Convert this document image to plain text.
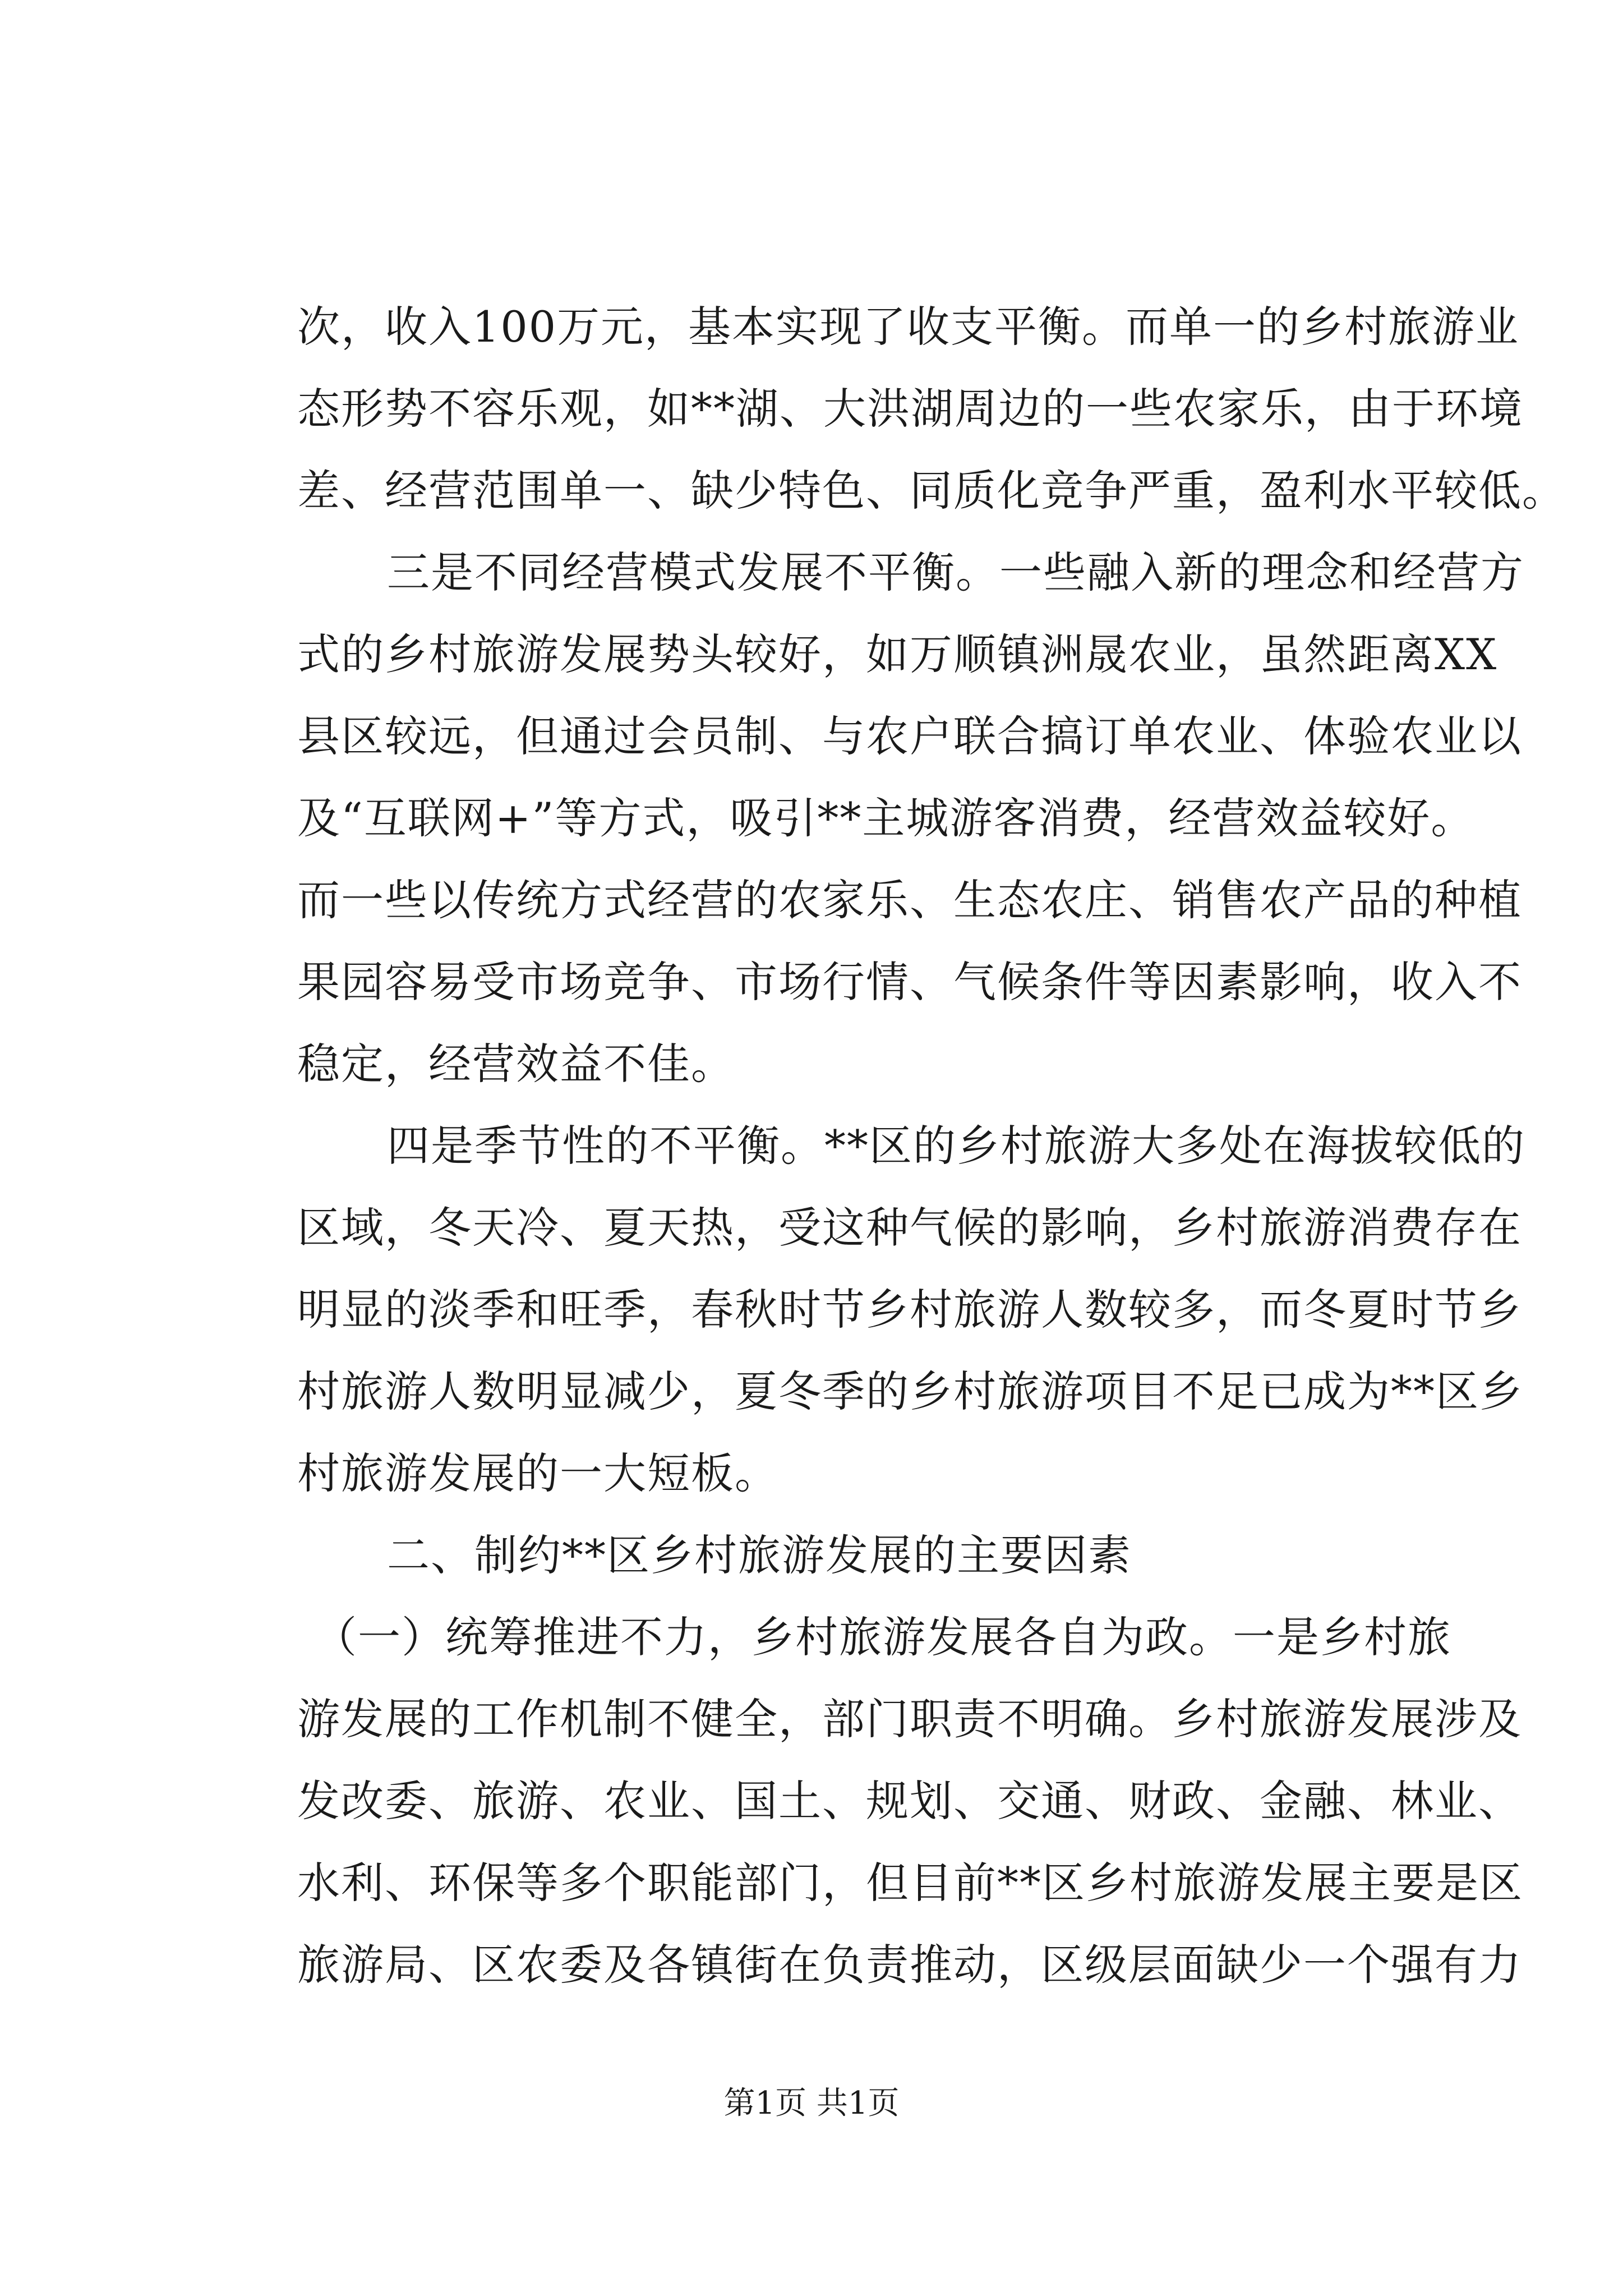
次，收入100万元，基本实现了收支平衡。而单一的乡村旅游业
态形势不容乐观，如**湖、大洪湖周边的一些农家乐，由于环境
差、经营范围单一、缺少特色、同质化竞争严重，盈利水平较低。
三是不同经营模式发展不平衡。一些融入新的理念和经营方
式的乡村旅游发展势头较好，如万顺镇洲晟农业，虽然距离XX
县区较远，但通过会员制、与农户联合搞订单农业、体验农业以
及“互联网+”等方式，吸引**主城游客消费，经营效益较好。
而一些以传统方式经营的农家乐、生态农庄、销售农产品的种植
果园容易受市场竞争、市场行情、气候条件等因素影响，收入不
稳定，经营效益不佳。
四是季节性的不平衡。**区的乡村旅游大多处在海拔较低的
区域，冬天冷、夏天热，受这种气候的影响，乡村旅游消费存在
明显的淡季和旺季，春秋时节乡村旅游人数较多，而冬夏时节乡
村旅游人数明显减少，夏冬季的乡村旅游项目不足已成为**区乡
村旅游发展的一大短板。
二、制约**区乡村旅游发展的主要因素
（一）统筹推进不力，乡村旅游发展各自为政。一是乡村旅
游发展的工作机制不健全，部门职责不明确。乡村旅游发展涉及
发改委、旅游、农业、国土、规划、交通、财政、金融、林业、
水利、环保等多个职能部门，但目前**区乡村旅游发展主要是区
旅游局、区农委及各镇街在负责推动，区级层面缺少一个强有力
第1页 共1页
